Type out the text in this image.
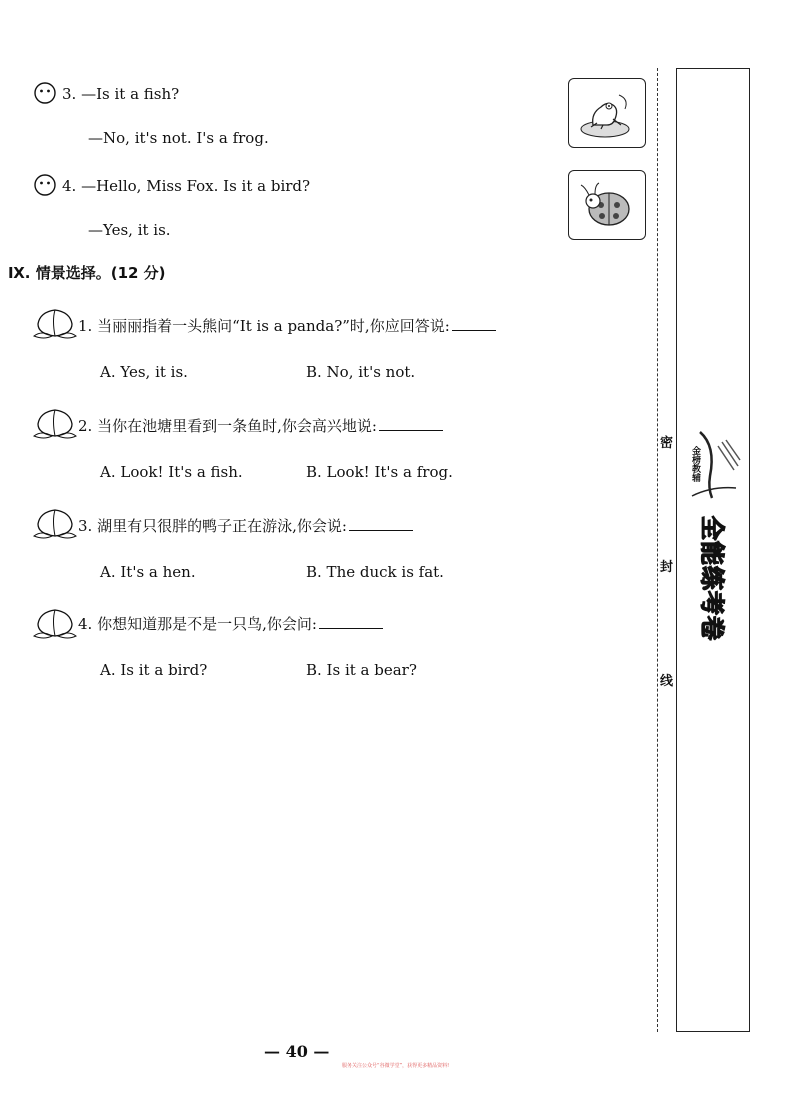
3. —Is it a fish?
—No, it's not. I's a frog.
4. —Hello, Miss Fox. Is it a bird?
—Yes, it is.
Ⅸ. 情景选择。(12 分)
1. 当丽丽指着一头熊问“It is a panda?”时,你应回答说:
A. Yes, it is.	B. No, it's not.
2. 当你在池塘里看到一条鱼时,你会高兴地说:
A. Look! It's a fish.	B. Look! It's a frog.
3. 湖里有只很胖的鸭子正在游泳,你会说:
A. It's a hen.	B. The duck is fat.
4. 你想知道那是不是一只鸟,你会问:
A. Is it a bird?	B. Is it a bear?
密
封
线
金榜教辅
全能练考卷
— 40 —
服务关注公众号“谷微学堂”，获得更多精品资料!
